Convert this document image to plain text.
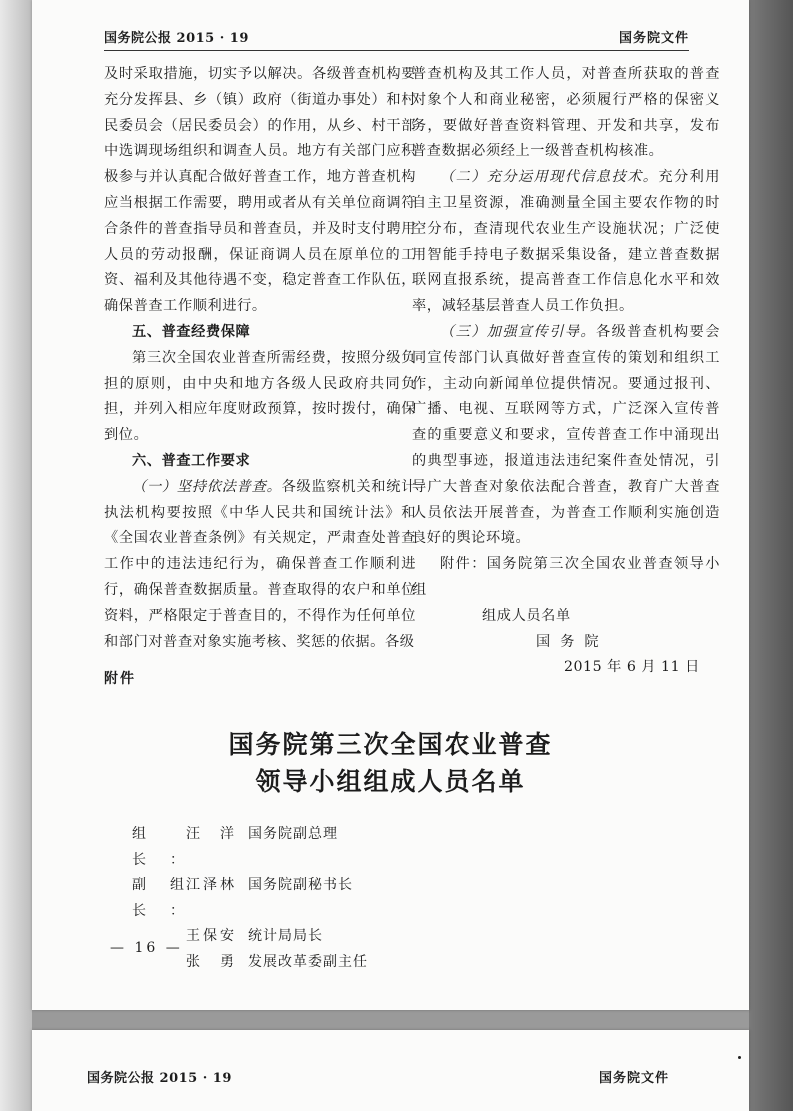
国务院公报 2015 · 19	国务院文件

及时采取措施，切实予以解决。各级普查机构要充分发挥县、乡（镇）政府（街道办事处）和村民委员会（居民委员会）的作用，从乡、村干部中选调现场组织和调查人员。地方有关部门应积极参与并认真配合做好普查工作，地方普查机构应当根据工作需要，聘用或者从有关单位商调符合条件的普查指导员和普查员，并及时支付聘用人员的劳动报酬，保证商调人员在原单位的工资、福利及其他待遇不变，稳定普查工作队伍，确保普查工作顺利进行。

五、普查经费保障

第三次全国农业普查所需经费，按照分级负担的原则，由中央和地方各级人民政府共同负担，并列入相应年度财政预算，按时拨付，确保到位。

六、普查工作要求

（一）坚持依法普查。各级监察机关和统计执法机构要按照《中华人民共和国统计法》和《全国农业普查条例》有关规定，严肃查处普查工作中的违法违纪行为，确保普查工作顺利进行，确保普查数据质量。普查取得的农户和单位资料，严格限定于普查目的，不得作为任何单位和部门对普查对象实施考核、奖惩的依据。各级

普查机构及其工作人员，对普查所获取的普查对象个人和商业秘密，必须履行严格的保密义务，要做好普查资料管理、开发和共享，发布普查数据必须经上一级普查机构核准。

（二）充分运用现代信息技术。充分利用自主卫星资源，准确测量全国主要农作物的时空分布，查清现代农业生产设施状况；广泛使用智能手持电子数据采集设备，建立普查数据联网直报系统，提高普查工作信息化水平和效率，减轻基层普查人员工作负担。

（三）加强宣传引导。各级普查机构要会同宣传部门认真做好普查宣传的策划和组织工作，主动向新闻单位提供情况。要通过报刊、广播、电视、互联网等方式，广泛深入宣传普查的重要意义和要求，宣传普查工作中涌现出的典型事迹，报道违法违纪案件查处情况，引导广大普查对象依法配合普查，教育广大普查人员依法开展普查，为普查工作顺利实施创造良好的舆论环境。

附件：国务院第三次全国农业普查领导小组

组成人员名单

国务院

2015 年 6 月 11 日

附件
国务院第三次全国农业普查
领导小组组成人员名单
组　长：
汪　洋 国务院副总理
副组长：
江泽林 国务院副秘书长
王保安 统计局局长
张　勇 发展改革委副主任
— 16 —
国务院公报 2015 · 19	国务院文件
